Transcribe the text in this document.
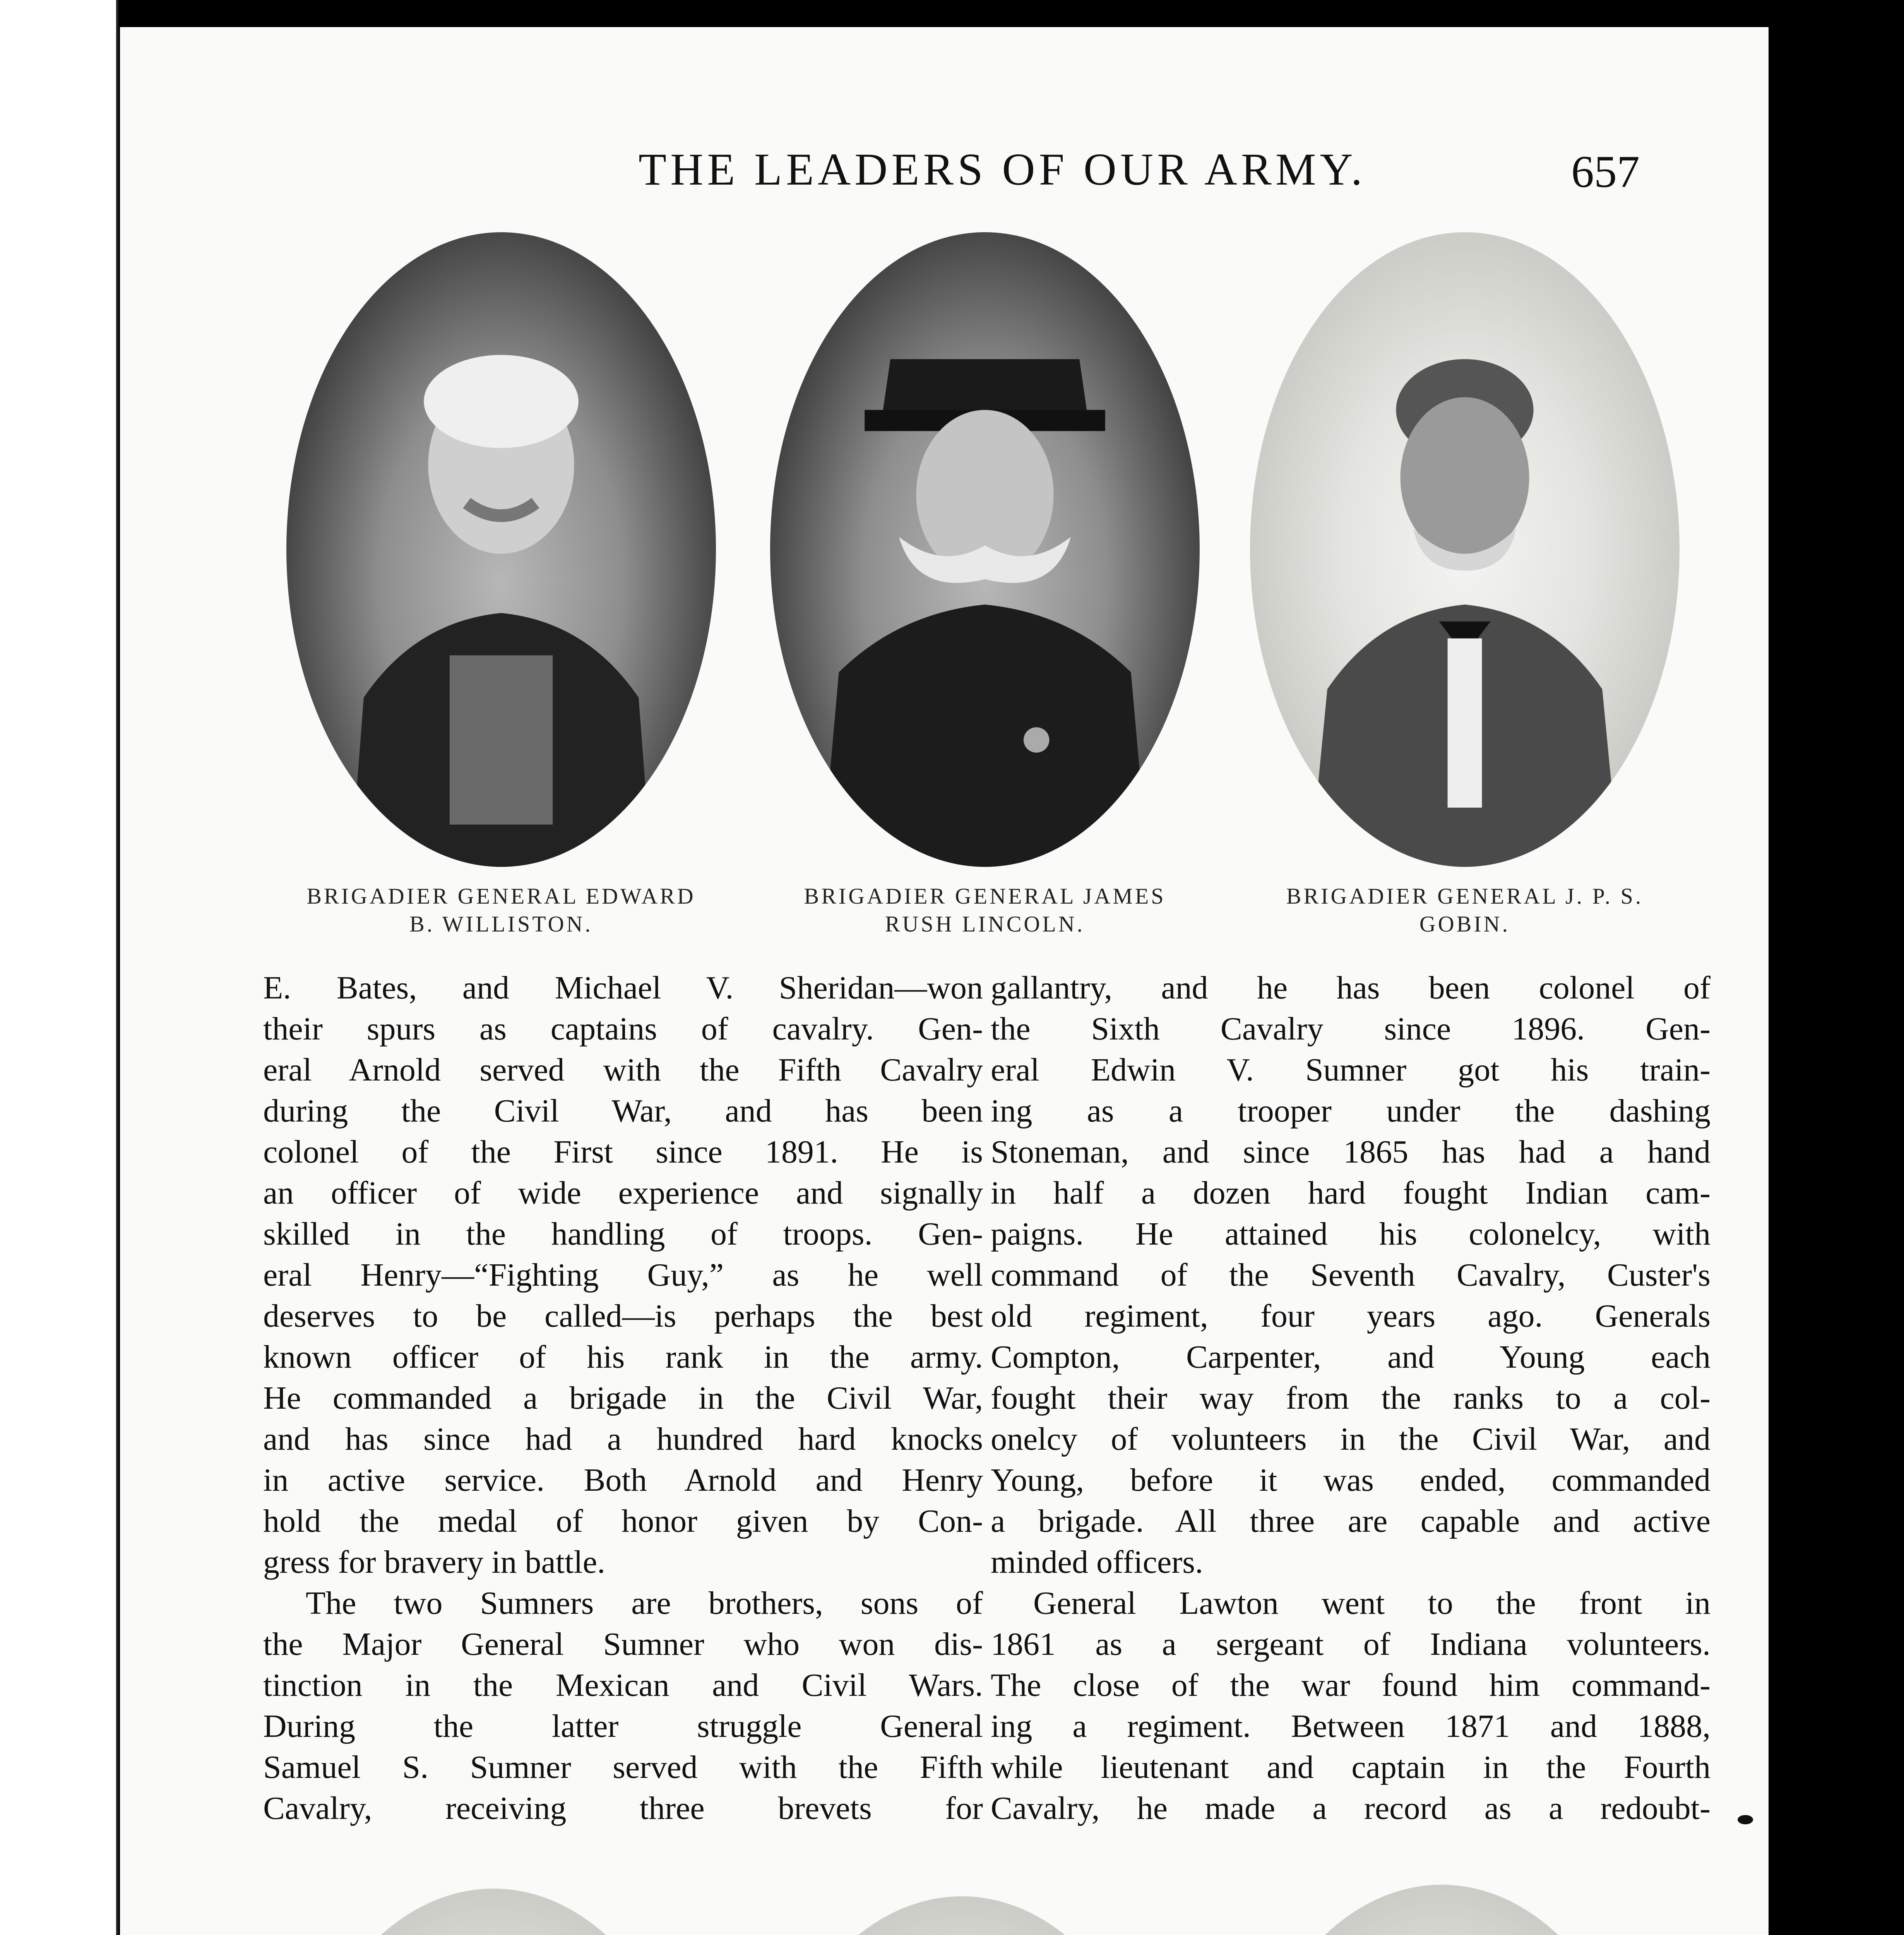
THE LEADERS OF OUR ARMY.	657
BRIGADIER GENERAL EDWARD
B. WILLISTON.
BRIGADIER GENERAL JAMES
RUSH LINCOLN.
BRIGADIER GENERAL J. P. S.
GOBIN.
E. Bates, and Michael V. Sheridan—won
their spurs as captains of cavalry. Gen-
eral Arnold served with the Fifth Cavalry
during the Civil War, and has been
colonel of the First since 1891. He is
an officer of wide experience and signally
skilled in the handling of troops. Gen-
eral Henry—“Fighting Guy,” as he well
deserves to be called—is perhaps the best
known officer of his rank in the army.
He commanded a brigade in the Civil War,
and has since had a hundred hard knocks
in active service. Both Arnold and Henry
hold the medal of honor given by Con-
gress for bravery in battle.
The two Sumners are brothers, sons of
the Major General Sumner who won dis-
tinction in the Mexican and Civil Wars.
During the latter struggle General
Samuel S. Sumner served with the Fifth
Cavalry, receiving three brevets for
gallantry, and he has been colonel of
the Sixth Cavalry since 1896. Gen-
eral Edwin V. Sumner got his train-
ing as a trooper under the dashing
Stoneman, and since 1865 has had a hand
in half a dozen hard fought Indian cam-
paigns. He attained his colonelcy, with
command of the Seventh Cavalry, Custer's
old regiment, four years ago. Generals
Compton, Carpenter, and Young each
fought their way from the ranks to a col-
onelcy of volunteers in the Civil War, and
Young, before it was ended, commanded
a brigade. All three are capable and active
minded officers.
General Lawton went to the front in
1861 as a sergeant of Indiana volunteers.
The close of the war found him command-
ing a regiment. Between 1871 and 1888,
while lieutenant and captain in the Fourth
Cavalry, he made a record as a redoubt-
